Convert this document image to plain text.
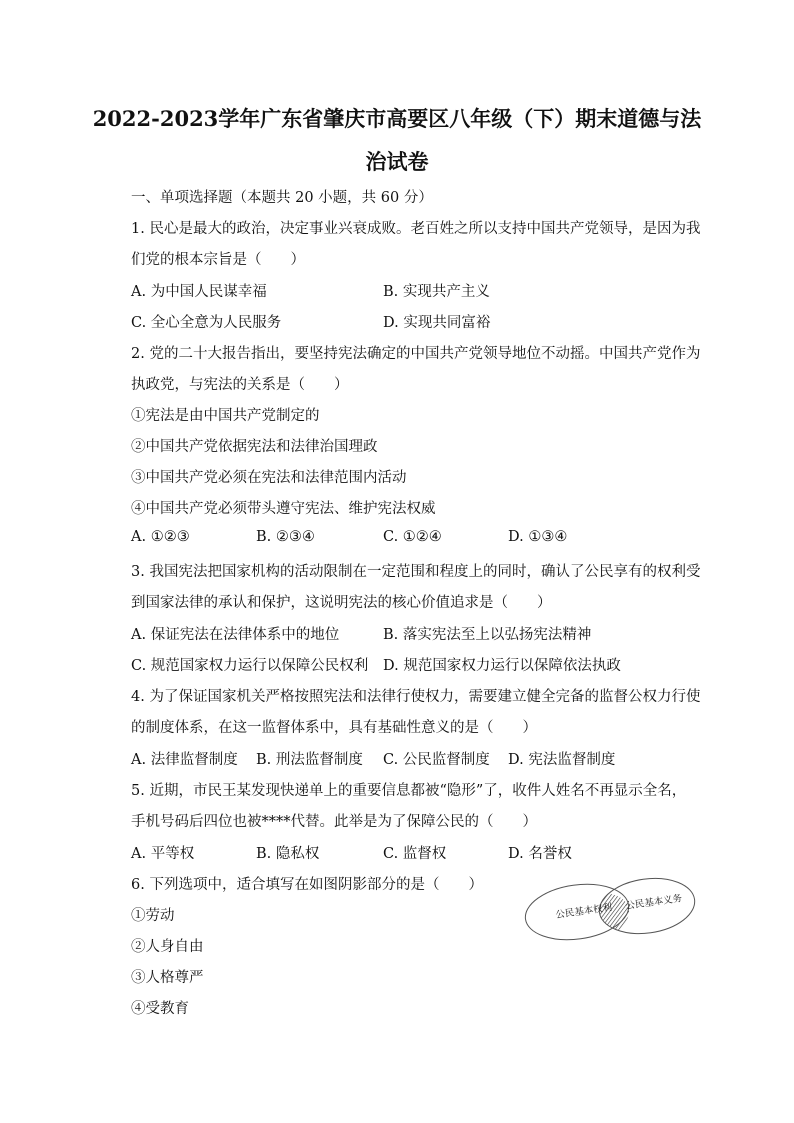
2022-2023学年广东省肇庆市高要区八年级（下）期末道德与法
治试卷
一、单项选择题（本题共 20 小题，共 60 分）
1. 民心是最大的政治，决定事业兴衰成败。老百姓之所以支持中国共产党领导，是因为我
们党的根本宗旨是（　　）
A. 为中国人民谋幸福	B. 实现共产主义
C. 全心全意为人民服务	D. 实现共同富裕
2. 党的二十大报告指出，要坚持宪法确定的中国共产党领导地位不动摇。中国共产党作为
执政党，与宪法的关系是（　　）
①宪法是由中国共产党制定的
②中国共产党依据宪法和法律治国理政
③中国共产党必须在宪法和法律范围内活动
④中国共产党必须带头遵守宪法、维护宪法权威
A. ①②③	B. ②③④	C. ①②④	D. ①③④
3. 我国宪法把国家机构的活动限制在一定范围和程度上的同时，确认了公民享有的权利受
到国家法律的承认和保护，这说明宪法的核心价值追求是（　　）
A. 保证宪法在法律体系中的地位	B. 落实宪法至上以弘扬宪法精神
C. 规范国家权力运行以保障公民权利 D. 规范国家权力运行以保障依法执政
4. 为了保证国家机关严格按照宪法和法律行使权力，需要建立健全完备的监督公权力行使
的制度体系，在这一监督体系中，具有基础性意义的是（　　）
A. 法律监督制度 B. 刑法监督制度 C. 公民监督制度 D. 宪法监督制度
5. 近期，市民王某发现快递单上的重要信息都被“隐形”了，收件人姓名不再显示全名，
手机号码后四位也被****代替。此举是为了保障公民的（　　）
A. 平等权	B. 隐私权	C. 监督权	D. 名誉权
6. 下列选项中，适合填写在如图阴影部分的是（　　）
①劳动
②人身自由
③人格尊严
④受教育
公民基本权利 公民基本义务
